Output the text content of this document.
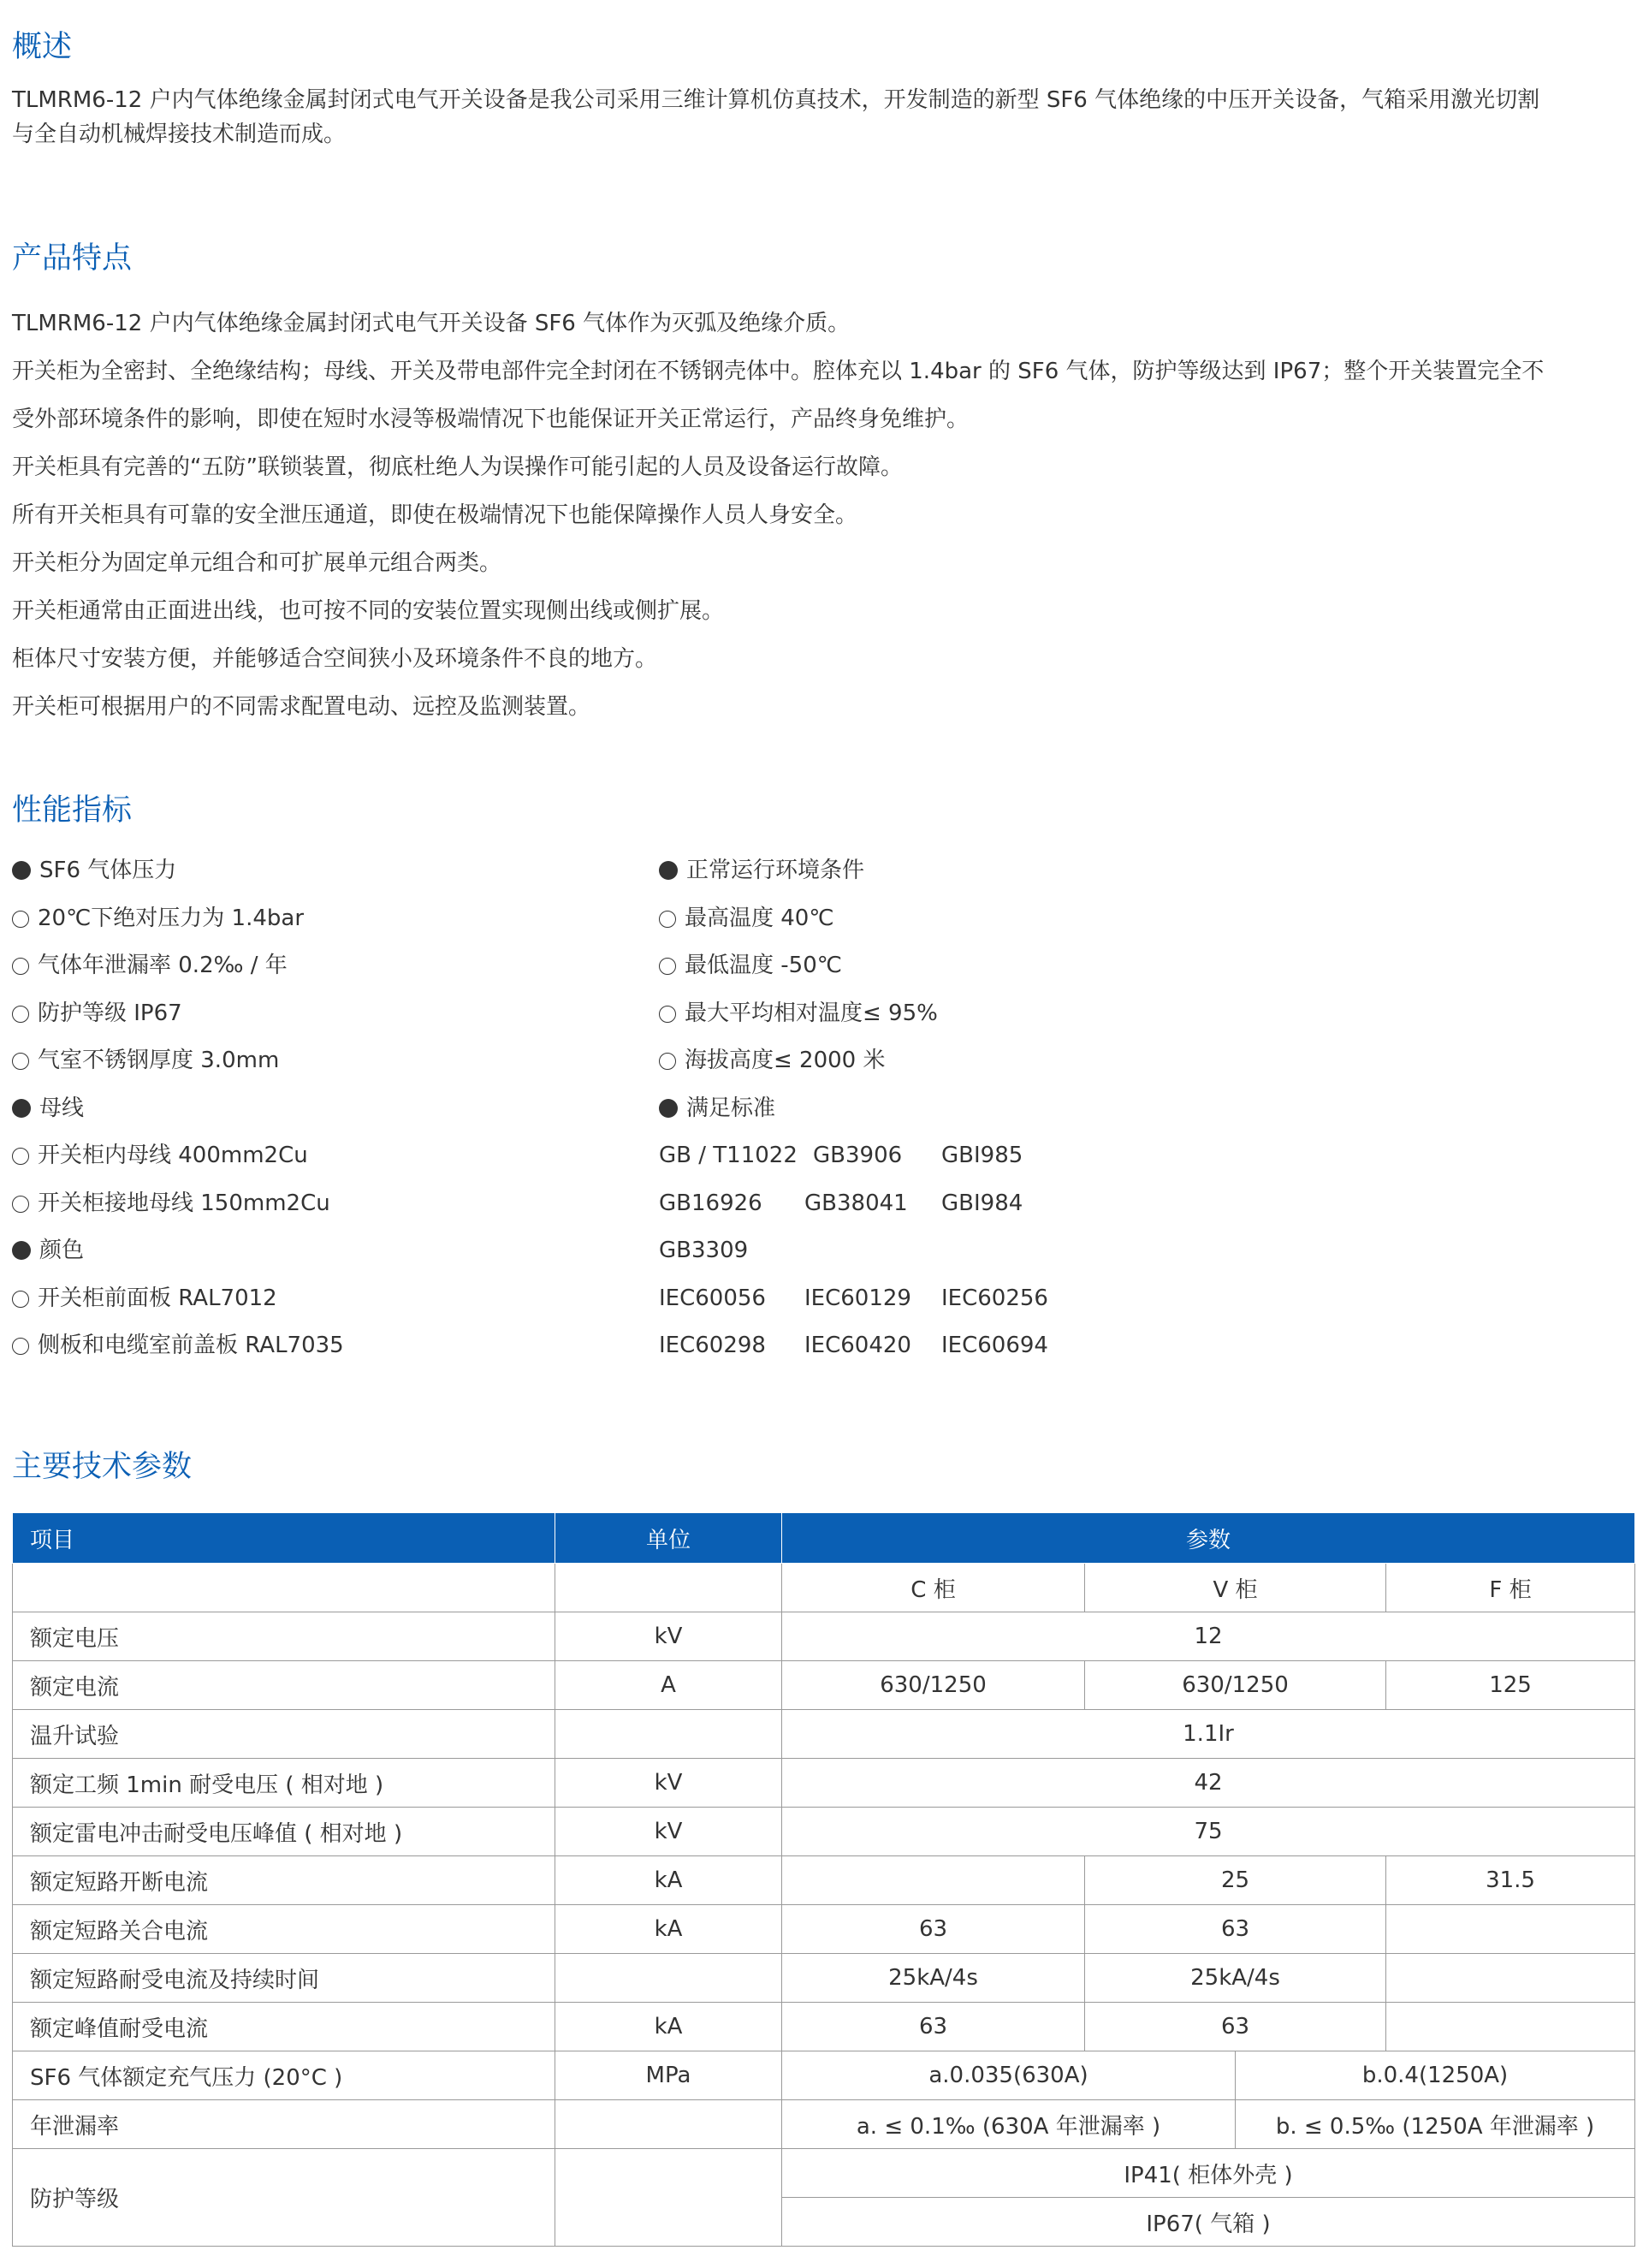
概述
TLMRM6-12 户内气体绝缘金属封闭式电气开关设备是我公司采用三维计算机仿真技术，开发制造的新型 SF6 气体绝缘的中压开关设备，气箱采用激光切割
与全自动机械焊接技术制造而成。
产品特点
TLMRM6-12 户内气体绝缘金属封闭式电气开关设备 SF6 气体作为灭弧及绝缘介质。
开关柜为全密封、全绝缘结构；母线、开关及带电部件完全封闭在不锈钢壳体中。腔体充以 1.4bar 的 SF6 气体，防护等级达到 IP67；整个开关装置完全不
受外部环境条件的影响，即使在短时水浸等极端情况下也能保证开关正常运行，产品终身免维护。
开关柜具有完善的“五防”联锁装置，彻底杜绝人为误操作可能引起的人员及设备运行故障。
所有开关柜具有可靠的安全泄压通道，即使在极端情况下也能保障操作人员人身安全。
开关柜分为固定单元组合和可扩展单元组合两类。
开关柜通常由正面进出线，也可按不同的安装位置实现侧出线或侧扩展。
柜体尺寸安装方便，并能够适合空间狭小及环境条件不良的地方。
开关柜可根据用户的不同需求配置电动、远控及监测装置。
性能指标
SF6 气体压力
20℃下绝对压力为 1.4bar
气体年泄漏率 0.2‰ / 年
防护等级 IP67
气室不锈钢厚度 3.0mm
母线
开关柜内母线 400mm2Cu
开关柜接地母线 150mm2Cu
颜色
开关柜前面板 RAL7012
侧板和电缆室前盖板 RAL7035
正常运行环境条件
最高温度 40℃
最低温度 -50℃
最大平均相对温度≤ 95%
海拔高度≤ 2000 米
满足标准
GB / T11022 GB3906 GBI985
GB16926 GB38041 GBI984
GB3309
IEC60056 IEC60129 IEC60256
IEC60298 IEC60420 IEC60694
主要技术参数
项目	单位	参数			
		C 柜	V 柜		F 柜
额定电压	kV	12			
额定电流	A	630/1250	630/1250		125
温升试验		1.1Ir			
额定工频 1min 耐受电压 ( 相对地 )	kV	42			
额定雷电冲击耐受电压峰值 ( 相对地 )	kV	75			
额定短路开断电流	kA		25		31.5
额定短路关合电流	kA	63	63		
额定短路耐受电流及持续时间		25kA/4s	25kA/4s		
额定峰值耐受电流	kA	63	63		
SF6 气体额定充气压力 (20°C )	MPa	a.0.035(630A)		b.0.4(1250A)	
年泄漏率		a. ≤ 0.1‰ (630A 年泄漏率 )		b. ≤ 0.5‰ (1250A 年泄漏率 )	
防护等级		IP41( 柜体外壳 )			
		IP67( 气箱 )			
